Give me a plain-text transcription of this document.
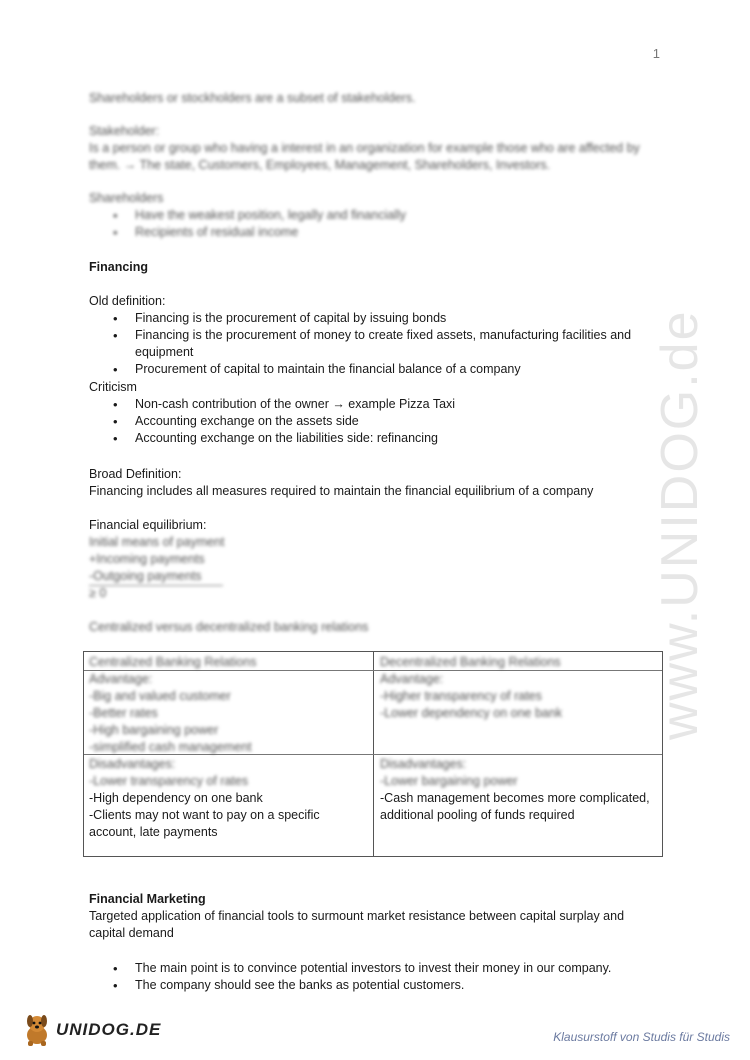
www.UNIDOG.de
1
Shareholders or stockholders are a subset of stakeholders.
Stakeholder:
Is a person or group who having a interest in an organization for example those who are affected by
them. → The state, Customers, Employees, Management, Shareholders, Investors.
Shareholders
• Have the weakest position, legally and financially
• Recipients of residual income
Financing
Old definition:
• Financing is the procurement of capital by issuing bonds
• Financing is the procurement of money to create fixed assets, manufacturing facilities and equipment
• Procurement of capital to maintain the financial balance of a company
Criticism
• Non-cash contribution of the owner → example Pizza Taxi
• Accounting exchange on the assets side
• Accounting exchange on the liabilities side: refinancing
Broad Definition:
Financing includes all measures required to maintain the financial equilibrium of a company
Financial equilibrium:
Initial means of payment
+Incoming payments
-Outgoing payments
≥ 0
Centralized versus decentralized banking relations
Centralized Banking Relations	Decentralized Banking Relations
Advantage:
-Big and valued customer
-Better rates
-High bargaining power
-simplified cash management
Advantage:
-Higher transparency of rates
-Lower dependency on one bank
Disadvantages:
-Lower transparency of rates
-High dependency on one bank
-Clients may not want to pay on a specific
account, late payments
Disadvantages:
-Lower bargaining power
-Cash management becomes more complicated,
additional pooling of funds required
Financial Marketing
Targeted application of financial tools to surmount market resistance between capital surplay and capital demand
• The main point is to convince potential investors to invest their money in our company.
• The company should see the banks as potential customers.
UNIDOG.DE	Klausurstoff von Studis für Studis
